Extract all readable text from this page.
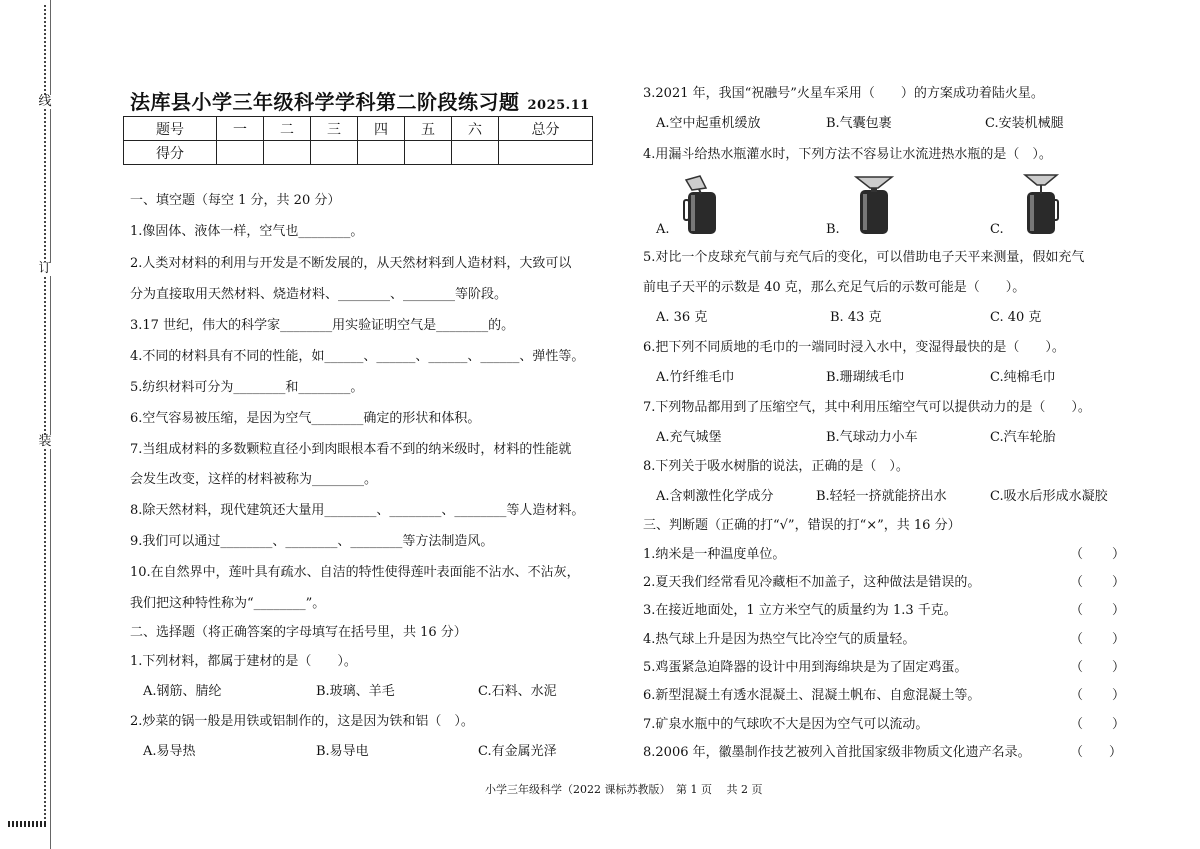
线
订
装
法库县小学三年级科学学科第二阶段练习题 2025.11
题号	一	二	三	四	五	六	总分
得分							
一、填空题（每空 1 分，共 20 分）
1.像固体、液体一样，空气也________。
2.人类对材料的利用与开发是不断发展的，从天然材料到人造材料，大致可以
分为直接取用天然材料、烧造材料、________、________等阶段。
3.17 世纪，伟大的科学家________用实验证明空气是________的。
4.不同的材料具有不同的性能，如______、______、______、______、弹性等。
5.纺织材料可分为________和________。
6.空气容易被压缩，是因为空气________确定的形状和体积。
7.当组成材料的多数颗粒直径小到肉眼根本看不到的纳米级时，材料的性能就
会发生改变，这样的材料被称为________。
8.除天然材料，现代建筑还大量用________、________、________等人造材料。
9.我们可以通过________、________、________等方法制造风。
10.在自然界中，莲叶具有疏水、自洁的特性使得莲叶表面能不沾水、不沾灰，
我们把这种特性称为“________”。
二、选择题（将正确答案的字母填写在括号里，共 16 分）
1.下列材料，都属于建材的是（　　）。
A.钢筋、腈纶	B.玻璃、羊毛	C.石料、水泥
2.炒菜的锅一般是用铁或铝制作的，这是因为铁和铝（　）。
A.易导热	B.易导电	C.有金属光泽
3.2021 年，我国“祝融号”火星车采用（　　）的方案成功着陆火星。
A.空中起重机缓放	B.气囊包裹	C.安装机械腿
4.用漏斗给热水瓶灌水时，下列方法不容易让水流进热水瓶的是（　）。
A.	B.	C.
5.对比一个皮球充气前与充气后的变化，可以借助电子天平来测量，假如充气
前电子天平的示数是 40 克，那么充足气后的示数可能是（　　）。
A. 36 克	B. 43 克	C. 40 克
6.把下列不同质地的毛巾的一端同时浸入水中，变湿得最快的是（　　）。
A.竹纤维毛巾	B.珊瑚绒毛巾	C.纯棉毛巾
7.下列物品都用到了压缩空气，其中利用压缩空气可以提供动力的是（　　）。
A.充气城堡	B.气球动力小车	C.汽车轮胎
8.下列关于吸水树脂的说法，正确的是（　）。
A.含刺激性化学成分	B.轻轻一挤就能挤出水	C.吸水后形成水凝胶
三、判断题（正确的打“√”，错误的打“×”，共 16 分）
1.纳米是一种温度单位。	（　　）
2.夏天我们经常看见冷藏柜不加盖子，这种做法是错误的。	（　　）
3.在接近地面处，1 立方米空气的质量约为 1.3 千克。	（　　）
4.热气球上升是因为热空气比冷空气的质量轻。	（　　）
5.鸡蛋紧急迫降器的设计中用到海绵块是为了固定鸡蛋。	（　　）
6.新型混凝土有透水混凝土、混凝土帆布、自愈混凝土等。	（　　）
7.矿泉水瓶中的气球吹不大是因为空气可以流动。	（　　）
8.2006 年，徽墨制作技艺被列入首批国家级非物质文化遗产名录。	（　　）
小学三年级科学（2022 课标苏教版）　第 1 页　 共 2 页
